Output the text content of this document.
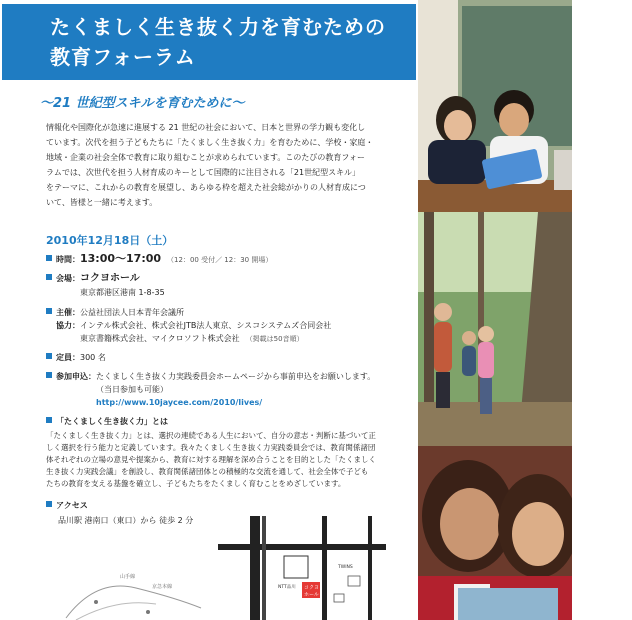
たくましく生き抜く力を育むための
教育フォーラム
～21 世紀型スキルを育むために～
情報化や国際化が急速に進展する 21 世紀の社会において、日本と世界の学力観も変化し
ています。次代を担う子どもたちに「たくましく生き抜く力」を育むために、学校・家庭・
地域・企業の社会全体で教育に取り組むことが求められています。このたびの教育フォー
ラムでは、次世代を担う人材育成のキーとして国際的に注目される「21世紀型スキル」
をテーマに、これからの教育を展望し、あらゆる枠を超えた社会総がかりの人材育成につ
いて、皆様と一緒に考えます。
2010年12月18日（土）
時間：13:00～17:00 （12：00 受付／ 12：30 開場）
会場：コクヨホール
東京都港区港南 1-8-35
主催：公益社団法人日本青年会議所
協力：インテル株式会社、株式会社JTB法人東京、シスコシステムズ合同会社
東京書籍株式会社、マイクロソフト株式会社 （掲載は50音順）
定員：300 名
参加申込：たくましく生き抜く力実践委員会ホームページから事前申込をお願いします。
（当日参加も可能）
http://www.10jaycee.com/2010/lives/
「たくましく生き抜く力」とは
「たくましく生き抜く力」とは、選択の連続である人生において、自分の意志・判断に基づいて正
しく選択を行う能力と定義しています。我々たくましく生き抜く力実践委員会では、教育関係諸団
体それぞれの立場の意見や提案から、教育に対する理解を深め合うことを目的とした「たくましく
生き抜く力実践会議」を創設し、教育関係諸団体との積極的な交流を通して、社会全体で子ども
たちの教育を支える基盤を確立し、子どもたちをたくましく育むことをめざしています。
アクセス
品川駅 港南口（東口）から 徒歩 2 分
山手線
京急本線	コクヨ
ホール
NTT品川
TWINS
品川駅
